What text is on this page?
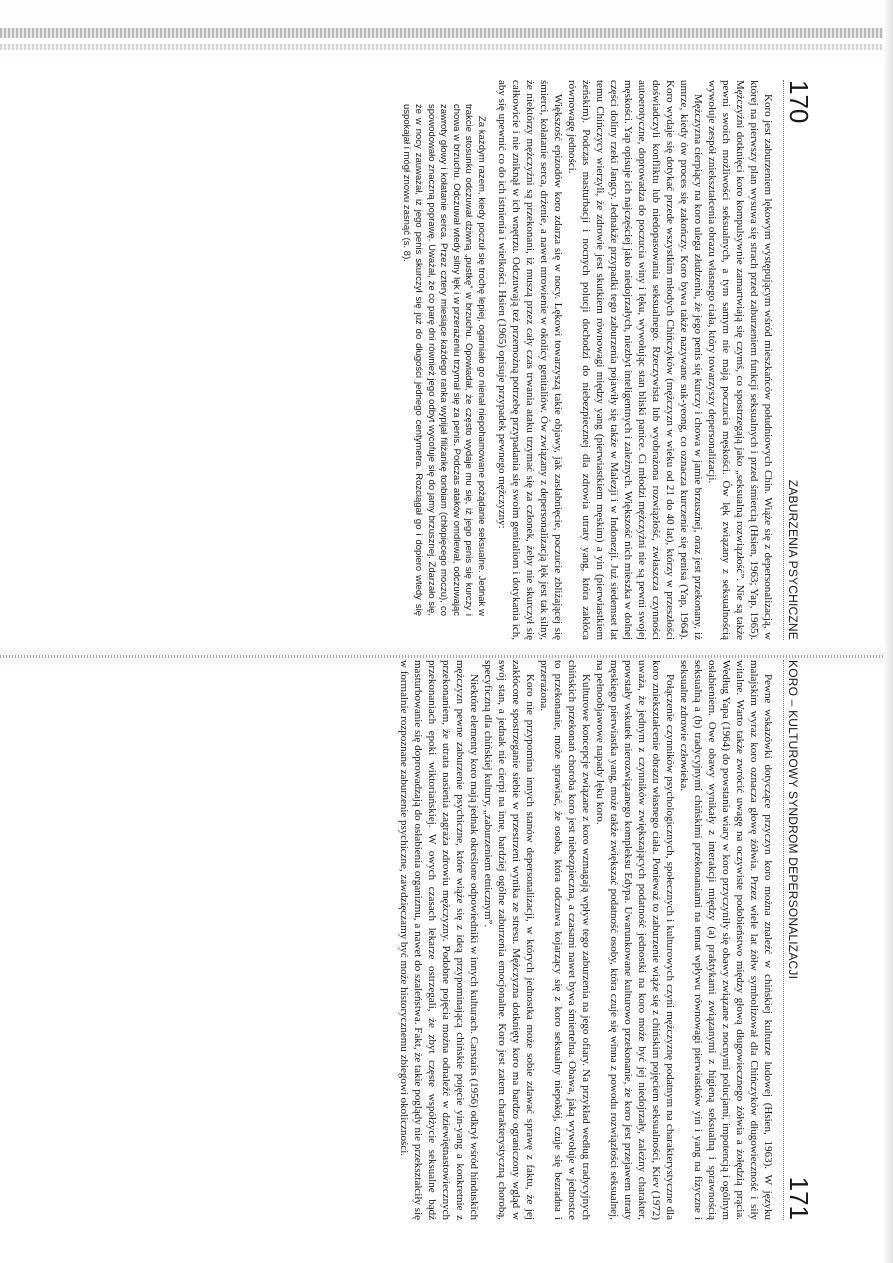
170
ZABURZENIA PSYCHICZNE

Koro jest zaburzeniem lękowym występującym wśród mieszkańców południowych Chin. Wiąże się z depersonalizacją, w której na pierwszy plan wysuwa się strach przed zaburzeniem funkcji seksualnych i przed śmiercią (Hsien, 1963; Yap, 1965). Mężczyźni dotknięci koro kompulsywnie zamartwiają się czymś, co spostrzegają jako „seksualną rozwiązłość”. Nie są także pewni swoich możliwości seksualnych, a tym samym nie mają poczucia męskości. Ów lęk związany z seksualnością wywołuje zespół zniekształcenia obrazu własnego ciała, który towarzyszy depersonalizacji.

Mężczyzna cierpiący na koro ulega złudzeniu, że jego penis się kurczy i chowa w jamie brzusznej, oraz jest przekonany, iż umrze, kiedy ów proces się zakończy. Koro bywa także nazywane suk-yeong, co oznacza kurczenie się penisa (Yap, 1964). Koro wydaje się dotykać przede wszystkim młodych Chińczyków (mężczyzn w wieku od 21 do 40 lat), którzy w przeszłości doświadczyli konfliktu lub niedopasowania seksualnego. Rzeczywista lub wyobrażona rozwiązłość, zwłaszcza czynności autoerotyczne, doprowadza do poczucia winy i lęku, wywołując stan bliski panice. Ci młodzi mężczyźni nie są pewni swojej męskości. Yap opisuje ich najczęściej jako niedojrzałych, niezbyt inteligentnych i zależnych. Większość nich mieszka w dolnej części doliny rzeki Jangcy. Jednakże przypadki tego zaburzenia pojawiły się także w Malezji i w Indonezji. Już siedemset lat temu Chińczycy wierzyli, że zdrowie jest skutkiem równowagi między yang (pierwiastkiem męskim) a yin (pierwiastkiem żeńskim). Podczas masturbacji i nocnych polucji dochodzi do niebezpiecznej dla zdrowia utraty yang, która zakłóca równowagę jedności.

Większość epizodów koro zdarza się w nocy. Lękowi towarzyszą takie objawy, jak zasłabnięcie, poczucie zbliżającej się śmierci, kołatanie serca, drżenie, a nawet mrowienie w okolicy genitaliów. Ów związany z depersonalizacją lęk jest tak silny, że niektórzy mężczyźni są przekonani, iż muszą przez cały czas trwania ataku trzymać się za członek, żeby nie skurczył się całkowicie i nie zniknął w ich wnętrzu. Odczuwają też przemożną potrzebę przypadania się swoim genitaliom i dotykania ich, aby się upewnić co do ich istnienia i wielkości. Hsien (1965) opisuje przypadek pewnego mężczyzny:

Za każdym razem, kiedy poczuł się trochę lepiej, ogarniało go nienał niepohamowane pożądanie seksualne. Jednak w trakcie stosunku odczuwał dziwną „pustkę” w brzuchu. Opowiadał, że często wydaje mu się, iż jego penis się kurczy i chowa w brzuchu. Odczuwał wtedy silny lęk i w przerażeniu trzymał się za penis. Podczas ataków omdlewał, odczuwając zawroty głowy i kołatanie serca. Przez cztery miesiące każdego ranka wypijał filiżankę tonbiam (chłopięcego moczu), co spowodowało znaczną poprawę. Uważał, że co parę dni również jego odbyt wycofuje się do jamy brzusznej. Zdarzało się, że w nocy zauważał, iż jego penis skurczył się już do długości jednego centymetra. Rozciągał go i dopiero wtedy się uspokajał i mógł znowu zasnąć (s. 8).

KORO – KULTUROWY SYNDROM DEPERSONALIZACJI
171

Pewne wskazówki dotyczące przyczyn koro można znaleźć w chińskiej kulturze ludowej (Hsien, 1963). W języku malajskim wyraz koro oznacza głowę żółwia. Przez wiele lat żółw symbolizował dla Chińczyków długowieczność i siły witalne. Warto także zwrócić uwagę na oczywiste podobieństwo między głową długowiecznego żółwia a żołędzią prącia. Według Yapa (1964) do powstania wiary w koro przyczyniły się obawy związane z nocnymi polucjami, impotencją i ogólnym osłabieniem. Owe obawy wynikały z interakcji między (a) praktykami związanymi z higieną seksualną i sprawnością seksualną a (b) tradycyjnymi chińskimi przekonaniami na temat wpływu równowagi pierwiastków yin i yang na fizyczne i seksualne zdrowie człowieka.

Połączenie czynników psychologicznych, społecznych i kulturowych czyni mężczyznę podatnym na charakterystyczne dla koro zniekształcenie obrazu własnego ciała. Ponieważ to zaburzenie wiąże się z chińskim pojęciem seksualności, Kiev (1972) uważa, że jednym z czynników zwiększających podatność jednostki na koro może być jej niedojrzały, zależny charakter, powstały wskutek nierozwiązanego kompleksu Edypa. Uwarunkowane kulturowo przekonanie, że koro jest przejawem utraty męskiego pierwiastka yang, może także zwiększać podatność osoby, która czuje się winna z powodu rozwiązłości seksualnej, na pełnoobjawowe napady lęku koro.

Kulturowe koncepcje związane z koro wzmagają wpływ tego zaburzenia na jego ofiary. Na przykład według tradycyjnych chińskich przekonań choroba koro jest niebezpieczna, a czasami nawet bywa śmiertelna. Obawa, jaką wywołuje w jednostce to przekonanie, może sprawiać, że osoba, która odczuwa kojarzący się z koro seksualny niepokój, czuje się bezradna i przerażona.

Koro nie przypomina innych stanów depersonalizacji, w których jednostka może sobie zdawać sprawę z faktu, że jej zakłócone spostrzeganie siebie w przestrzeni wynika ze stresu. Mężczyzna dotknięty koro ma bardzo ograniczony wgląd w swój stan, a jednak nie cierpi na inne, bardziej ogólne zaburzenia emocjonalne. Koro jest zatem charakterystyczną chorobą, specyficzną dla chińskiej kultury, „zaburzeniem etnicznym”.

Niektóre elementy koro mają jednak określone odpowiedniki w innych kulturach. Carstairs (1956) odkrył wśród hinduskich mężczyzn pewne zaburzenie psychiczne, które wiąże się z ideą przypominającą chińskie pojęcie yin-yang a konkretnie z przekonaniem, że utrata nasienia zagraża zdrowiu mężczyzny. Podobne pojęcia można odnaleźć w dziewiętnastowiecznych przekonaniach epoki wiktoriańskiej. W owych czasach lekarze ostrzegali, że zbyt częste współżycie seksualne bądź masturbowanie się doprowadzają do osłabienia organizmu, a nawet do szaleństwa. Fakt, że takie poglądy nie przekształciły się w formalnie rozpoznane zaburzenie psychiczne, zawdzięczamy być może historycznemu zbiegowi okoliczności.
